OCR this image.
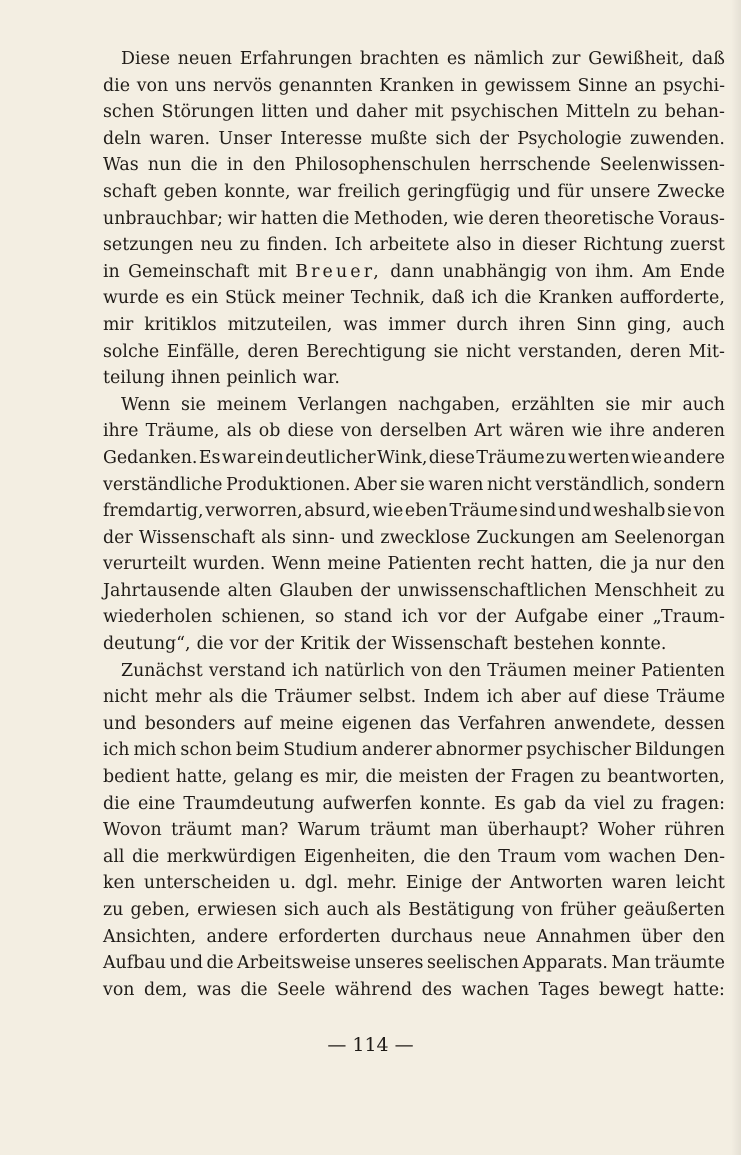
Diese neuen Erfahrungen brachten es nämlich zur Gewißheit, daß
die von uns nervös genannten Kranken in gewissem Sinne an psychi-
schen Störungen litten und daher mit psychischen Mitteln zu behan-
deln waren. Unser Interesse mußte sich der Psychologie zuwenden.
Was nun die in den Philosophenschulen herrschende Seelenwissen-
schaft geben konnte, war freilich geringfügig und für unsere Zwecke
unbrauchbar; wir hatten die Methoden, wie deren theoretische Voraus-
setzungen neu zu finden. Ich arbeitete also in dieser Richtung zuerst
in Gemeinschaft mit Breuer, dann unabhängig von ihm. Am Ende
wurde es ein Stück meiner Technik, daß ich die Kranken aufforderte,
mir kritiklos mitzuteilen, was immer durch ihren Sinn ging, auch
solche Einfälle, deren Berechtigung sie nicht verstanden, deren Mit-
teilung ihnen peinlich war.
Wenn sie meinem Verlangen nachgaben, erzählten sie mir auch
ihre Träume, als ob diese von derselben Art wären wie ihre anderen
Gedanken. Es war ein deutlicher Wink, diese Träume zu werten wie andere
verständliche Produktionen. Aber sie waren nicht verständlich, sondern
fremdartig, verworren, absurd, wie eben Träume sind und weshalb sie von
der Wissenschaft als sinn- und zwecklose Zuckungen am Seelenorgan
verurteilt wurden. Wenn meine Patienten recht hatten, die ja nur den
Jahrtausende alten Glauben der unwissenschaftlichen Menschheit zu
wiederholen schienen, so stand ich vor der Aufgabe einer „Traum-
deutung“, die vor der Kritik der Wissenschaft bestehen konnte.
Zunächst verstand ich natürlich von den Träumen meiner Patienten
nicht mehr als die Träumer selbst. Indem ich aber auf diese Träume
und besonders auf meine eigenen das Verfahren anwendete, dessen
ich mich schon beim Studium anderer abnormer psychischer Bildungen
bedient hatte, gelang es mir, die meisten der Fragen zu beantworten,
die eine Traumdeutung aufwerfen konnte. Es gab da viel zu fragen:
Wovon träumt man? Warum träumt man überhaupt? Woher rühren
all die merkwürdigen Eigenheiten, die den Traum vom wachen Den-
ken unterscheiden u. dgl. mehr. Einige der Antworten waren leicht
zu geben, erwiesen sich auch als Bestätigung von früher geäußerten
Ansichten, andere erforderten durchaus neue Annahmen über den
Aufbau und die Arbeitsweise unseres seelischen Apparats. Man träumte
von dem, was die Seele während des wachen Tages bewegt hatte:
— 114 —
